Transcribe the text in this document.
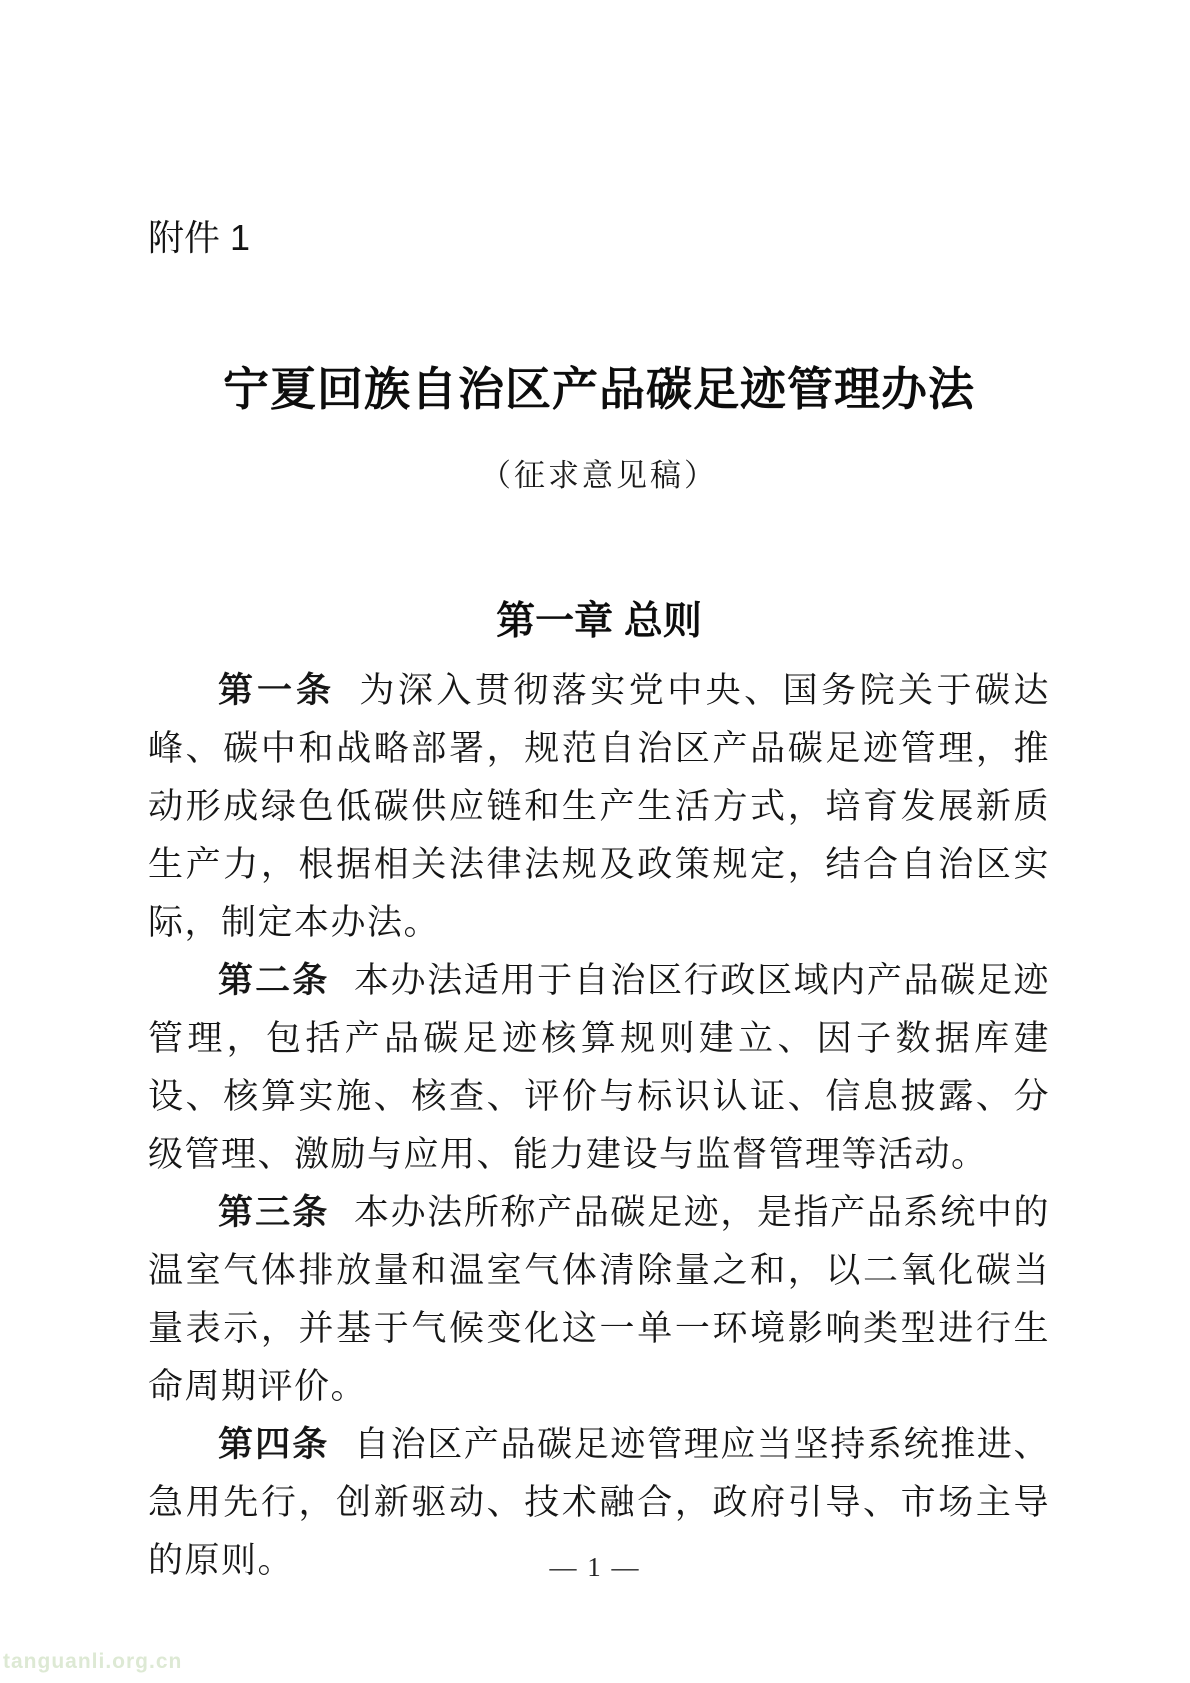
附件 1
宁夏回族自治区产品碳足迹管理办法
（征求意见稿）
第一章 总则

第一条 为深入贯彻落实党中央、国务院关于碳达峰、碳中和战略部署，规范自治区产品碳足迹管理，推动形成绿色低碳供应链和生产生活方式，培育发展新质生产力，根据相关法律法规及政策规定，结合自治区实际，制定本办法。

第二条 本办法适用于自治区行政区域内产品碳足迹管理，包括产品碳足迹核算规则建立、因子数据库建设、核算实施、核查、评价与标识认证、信息披露、分级管理、激励与应用、能力建设与监督管理等活动。

第三条 本办法所称产品碳足迹，是指产品系统中的温室气体排放量和温室气体清除量之和，以二氧化碳当量表示，并基于气候变化这一单一环境影响类型进行生命周期评价。

第四条 自治区产品碳足迹管理应当坚持系统推进、急用先行，创新驱动、技术融合，政府引导、市场主导的原则。	— 1 —
tanguanli.org.cn
